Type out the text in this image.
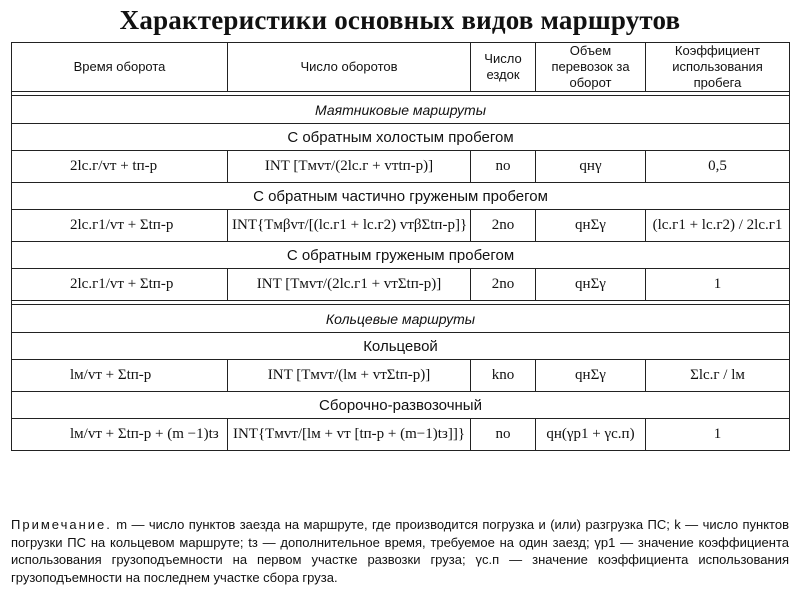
Характеристики основных видов маршрутов
Время оборота	Число оборотов	Число ездок	Объем перевозок за оборот	Коэффициент использования пробега

Маятниковые маршруты				
С обратным холостым пробегом				
2lс.г/vт + tп-р	INT [Tмvт/(2lс.г + vтtп-р)]	nо	qнγ	0,5
С обратным частично груженым пробегом				
2lс.г1/vт + Σtп-р	INT{Tмβvт/[(lс.г1 + lс.г2) vтβΣtп-р]}	2nо	qнΣγ	(lс.г1 + lс.г2) / 2lс.г1
С обратным груженым пробегом				
2lс.г1/vт + Σtп-р	INT [Tмvт/(2lс.г1 + vтΣtп-р)]	2nо	qнΣγ	1

Кольцевые маршруты				
Кольцевой				
lм/vт + Σtп-р	INT [Tмvт/(lм + vтΣtп-р)]	knо	qнΣγ	Σlс.г / lм
Сборочно-развозочный				
lм/vт + Σtп-р + (m −1)tз	INT{Tмvт/[lм + vт [tп-р + (m−1)tз]]}	nо	qн(γр1 + γс.п)	1
Примечание. m — число пунктов заезда на маршруте, где производится погрузка и (или) разгрузка ПС; k — число пунктов погрузки ПС на кольцевом маршруте; tз — дополнительное время, требуемое на один заезд; γр1 — значение коэффициента использования грузоподъемности на первом участке развозки груза; γс.п — значение коэффициента использования грузоподъемности на последнем участке сбора груза.
